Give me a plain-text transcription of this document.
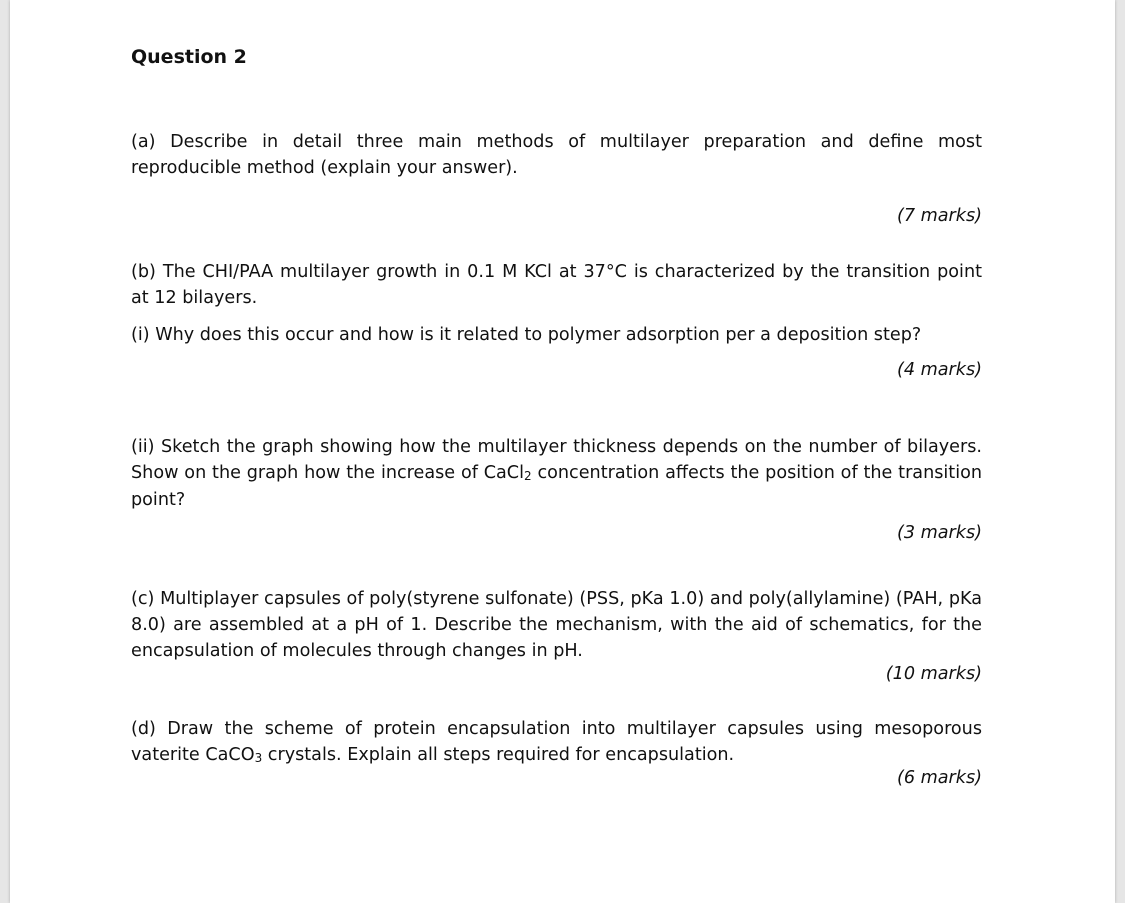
Question 2
(a) Describe in detail three main methods of multilayer preparation and define most reproducible method (explain your answer).
(7 marks)
(b) The CHI/PAA multilayer growth in 0.1 M KCl at 37°C is characterized by the transition point at 12 bilayers.
(i) Why does this occur and how is it related to polymer adsorption per a deposition step?
(4 marks)
(ii) Sketch the graph showing how the multilayer thickness depends on the number of bilayers. Show on the graph how the increase of CaCl$_2$ concentration affects the position of the transition point?
(3 marks)
(c) Multiplayer capsules of poly(styrene sulfonate) (PSS, pKa 1.0) and poly(allylamine) (PAH, pKa 8.0) are assembled at a pH of 1. Describe the mechanism, with the aid of schematics, for the encapsulation of molecules through changes in pH.
(10 marks)
(d) Draw the scheme of protein encapsulation into multilayer capsules using mesoporous vaterite CaCO$_3$ crystals. Explain all steps required for encapsulation.
(6 marks)
